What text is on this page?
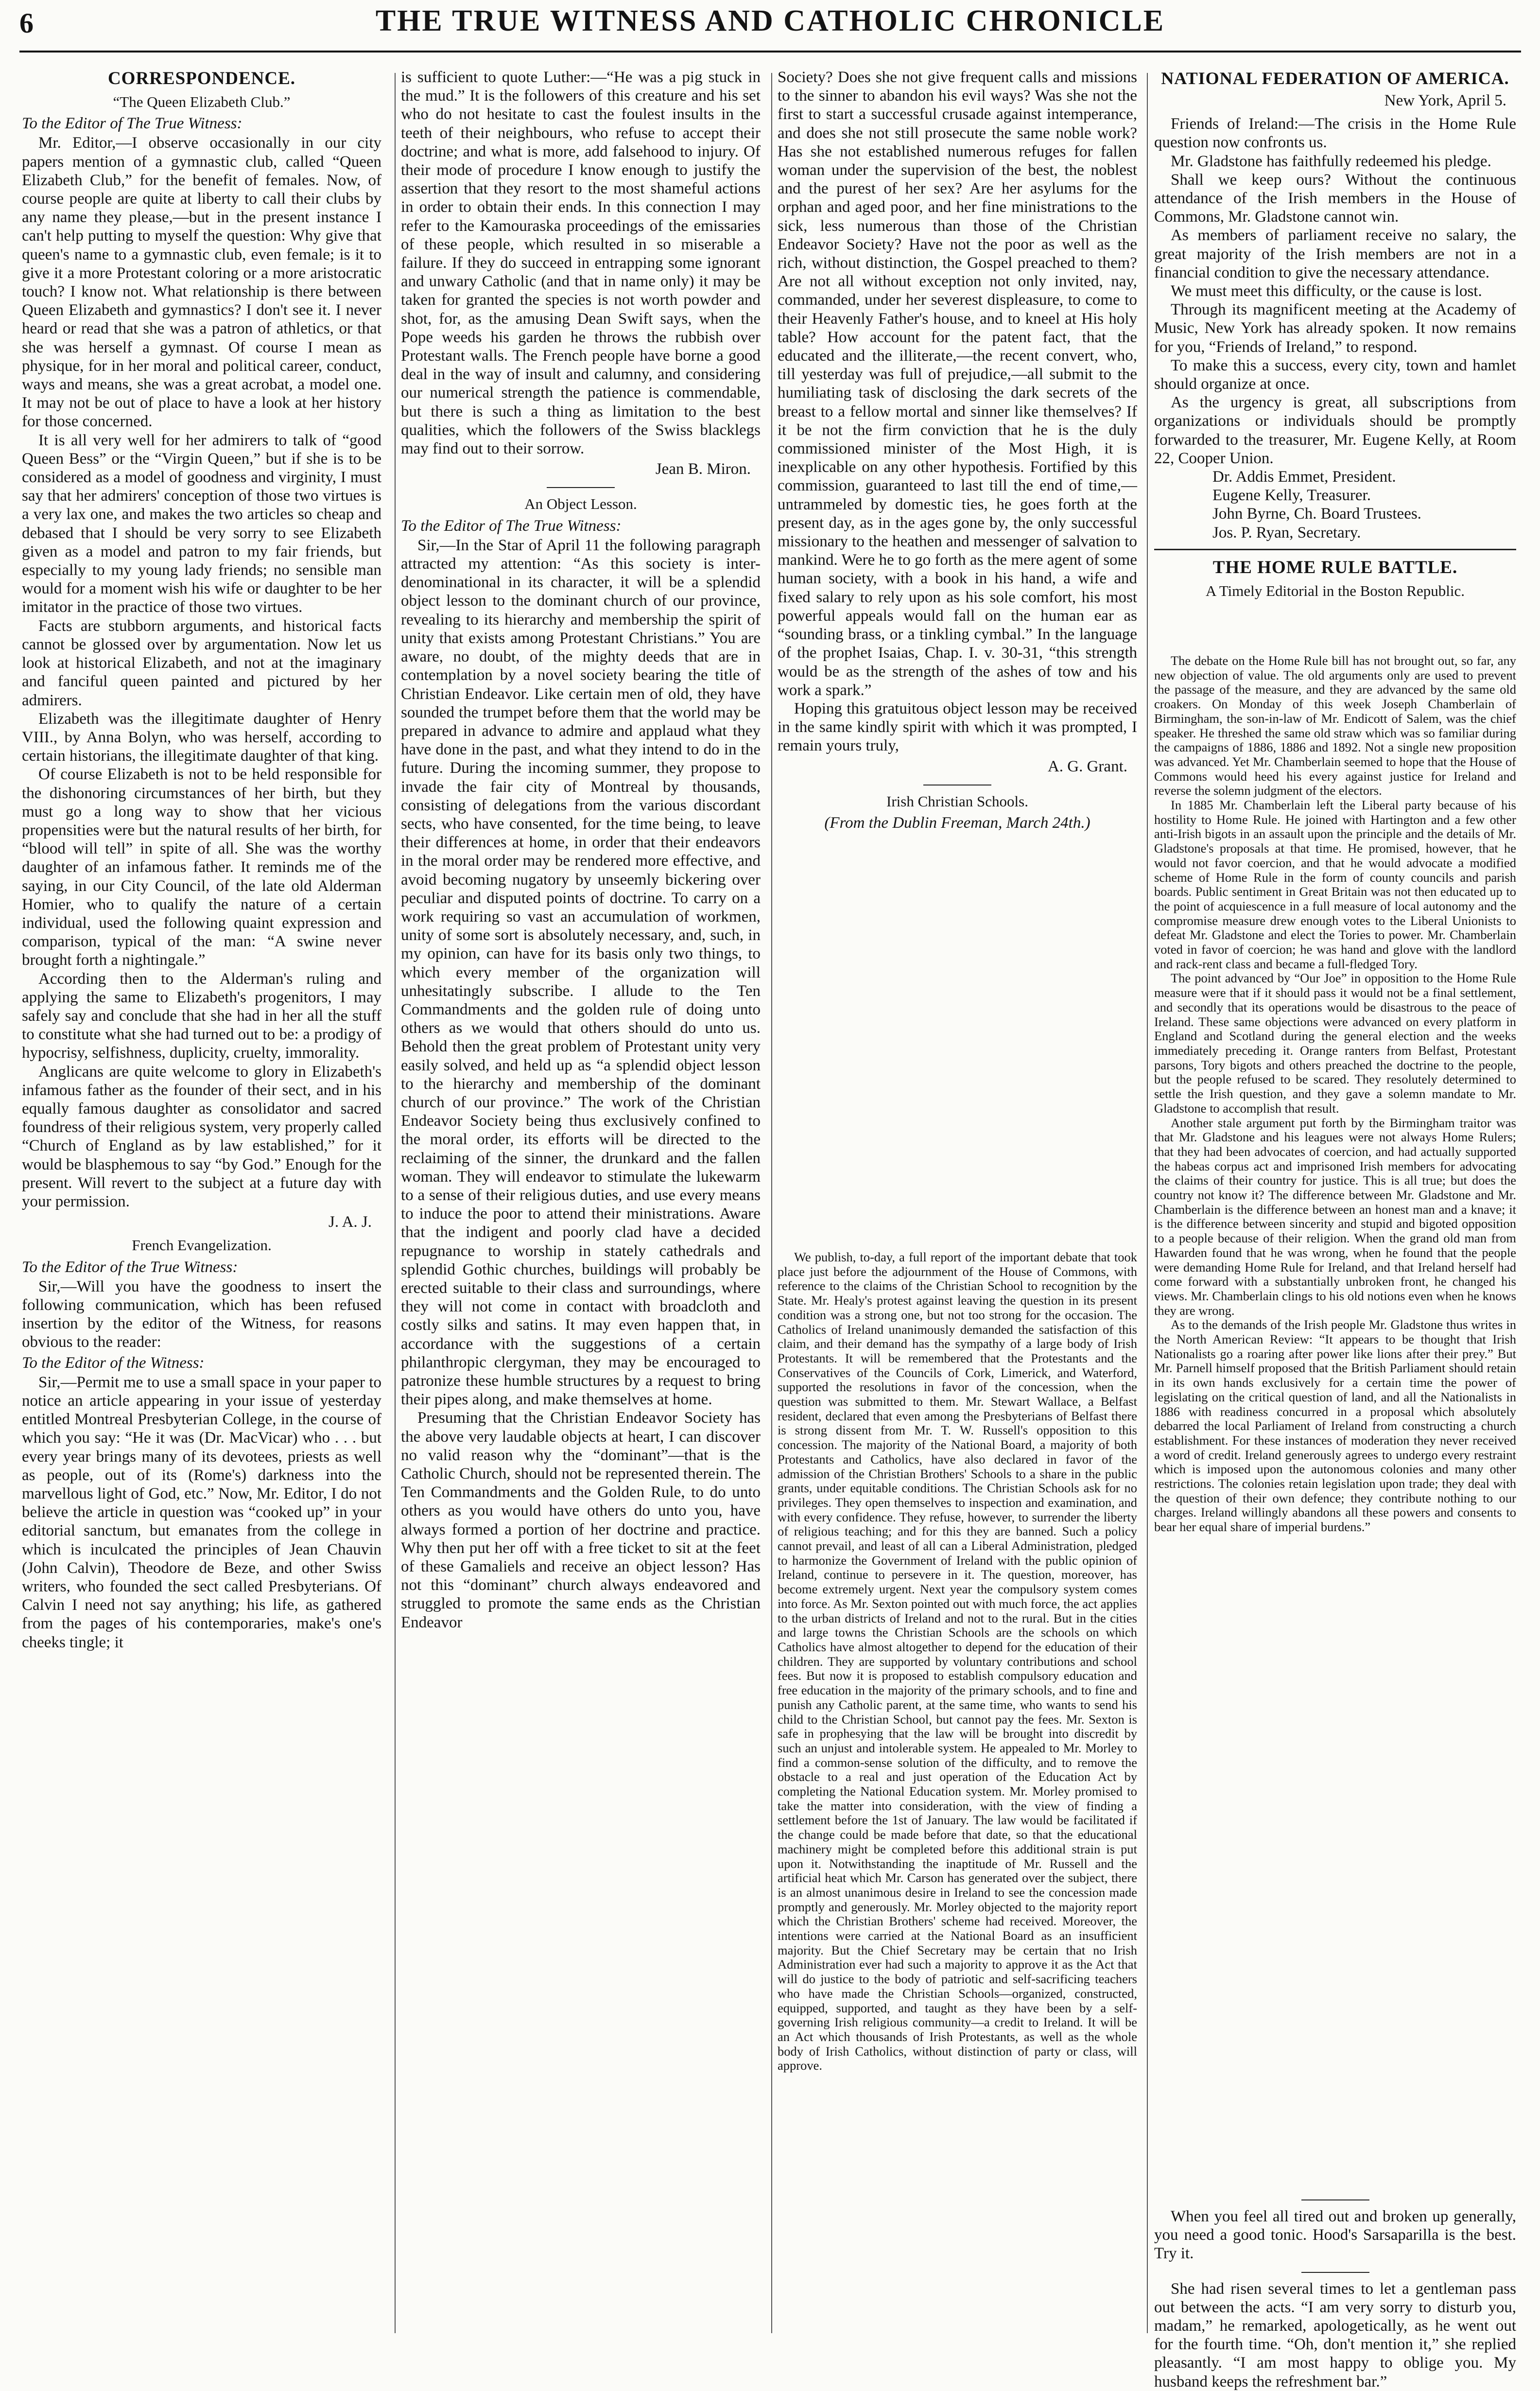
6	THE TRUE WITNESS AND CATHOLIC CHRONICLE
CORRESPONDENCE.
“The Queen Elizabeth Club.”
To the Editor of The True Witness:

Mr. Editor,—I observe occasionally in our city papers mention of a gymnastic club, called “Queen Elizabeth Club,” for the benefit of females. Now, of course people are quite at liberty to call their clubs by any name they please,—but in the present instance I can't help putting to myself the question: Why give that queen's name to a gymnastic club, even female; is it to give it a more Protestant coloring or a more aristocratic touch? I know not. What relationship is there between Queen Elizabeth and gymnastics? I don't see it. I never heard or read that she was a patron of athletics, or that she was herself a gymnast. Of course I mean as physique, for in her moral and political career, conduct, ways and means, she was a great acrobat, a model one. It may not be out of place to have a look at her history for those concerned.

It is all very well for her admirers to talk of “good Queen Bess” or the “Virgin Queen,” but if she is to be considered as a model of goodness and virginity, I must say that her admirers' conception of those two virtues is a very lax one, and makes the two articles so cheap and debased that I should be very sorry to see Elizabeth given as a model and patron to my fair friends, but especially to my young lady friends; no sensible man would for a moment wish his wife or daughter to be her imitator in the practice of those two virtues.

Facts are stubborn arguments, and historical facts cannot be glossed over by argumentation. Now let us look at historical Elizabeth, and not at the imaginary and fanciful queen painted and pictured by her admirers.

Elizabeth was the illegitimate daughter of Henry VIII., by Anna Bolyn, who was herself, according to certain historians, the illegitimate daughter of that king.

Of course Elizabeth is not to be held responsible for the dishonoring circumstances of her birth, but they must go a long way to show that her vicious propensities were but the natural results of her birth, for “blood will tell” in spite of all. She was the worthy daughter of an infamous father. It reminds me of the saying, in our City Council, of the late old Alderman Homier, who to qualify the nature of a certain individual, used the following quaint expression and comparison, typical of the man: “A swine never brought forth a nightingale.”

According then to the Alderman's ruling and applying the same to Elizabeth's progenitors, I may safely say and conclude that she had in her all the stuff to constitute what she had turned out to be: a prodigy of hypocrisy, selfishness, duplicity, cruelty, immorality.

Anglicans are quite welcome to glory in Elizabeth's infamous father as the founder of their sect, and in his equally famous daughter as consolidator and sacred foundress of their religious system, very properly called “Church of England as by law established,” for it would be blasphemous to say “by God.” Enough for the present. Will revert to the subject at a future day with your permission.

J. A. J.
French Evangelization.
To the Editor of the True Witness:

Sir,—Will you have the goodness to insert the following communication, which has been refused insertion by the editor of the Witness, for reasons obvious to the reader:

To the Editor of the Witness:

Sir,—Permit me to use a small space in your paper to notice an article appearing in your issue of yesterday entitled Montreal Presbyterian College, in the course of which you say: “He it was (Dr. MacVicar) who . . . but every year brings many of its devotees, priests as well as people, out of its (Rome's) darkness into the marvellous light of God, etc.” Now, Mr. Editor, I do not believe the article in question was “cooked up” in your editorial sanctum, but emanates from the college in which is inculcated the principles of Jean Chauvin (John Calvin), Theodore de Beze, and other Swiss writers, who founded the sect called Presbyterians. Of Calvin I need not say anything; his life, as gathered from the pages of his contemporaries, make's one's cheeks tingle; it

is sufficient to quote Luther:—“He was a pig stuck in the mud.” It is the followers of this creature and his set who do not hesitate to cast the foulest insults in the teeth of their neighbours, who refuse to accept their doctrine; and what is more, add falsehood to injury. Of their mode of procedure I know enough to justify the assertion that they resort to the most shameful actions in order to obtain their ends. In this connection I may refer to the Kamouraska proceedings of the emissaries of these people, which resulted in so miserable a failure. If they do succeed in entrapping some ignorant and unwary Catholic (and that in name only) it may be taken for granted the species is not worth powder and shot, for, as the amusing Dean Swift says, when the Pope weeds his garden he throws the rubbish over Protestant walls. The French people have borne a good deal in the way of insult and calumny, and considering our numerical strength the patience is commendable, but there is such a thing as limitation to the best qualities, which the followers of the Swiss blacklegs may find out to their sorrow.

Jean B. Miron.
An Object Lesson.
To the Editor of The True Witness:

Sir,—In the Star of April 11 the following paragraph attracted my attention: “As this society is inter-denominational in its character, it will be a splendid object lesson to the dominant church of our province, revealing to its hierarchy and membership the spirit of unity that exists among Protestant Christians.” You are aware, no doubt, of the mighty deeds that are in contemplation by a novel society bearing the title of Christian Endeavor. Like certain men of old, they have sounded the trumpet before them that the world may be prepared in advance to admire and applaud what they have done in the past, and what they intend to do in the future. During the incoming summer, they propose to invade the fair city of Montreal by thousands, consisting of delegations from the various discordant sects, who have consented, for the time being, to leave their differences at home, in order that their endeavors in the moral order may be rendered more effective, and avoid becoming nugatory by unseemly bickering over peculiar and disputed points of doctrine. To carry on a work requiring so vast an accumulation of workmen, unity of some sort is absolutely necessary, and, such, in my opinion, can have for its basis only two things, to which every member of the organization will unhesitatingly subscribe. I allude to the Ten Commandments and the golden rule of doing unto others as we would that others should do unto us. Behold then the great problem of Protestant unity very easily solved, and held up as “a splendid object lesson to the hierarchy and membership of the dominant church of our province.” The work of the Christian Endeavor Society being thus exclusively confined to the moral order, its efforts will be directed to the reclaiming of the sinner, the drunkard and the fallen woman. They will endeavor to stimulate the lukewarm to a sense of their religious duties, and use every means to induce the poor to attend their ministrations. Aware that the indigent and poorly clad have a decided repugnance to worship in stately cathedrals and splendid Gothic churches, buildings will probably be erected suitable to their class and surroundings, where they will not come in contact with broadcloth and costly silks and satins. It may even happen that, in accordance with the suggestions of a certain philanthropic clergyman, they may be encouraged to patronize these humble structures by a request to bring their pipes along, and make themselves at home.

Presuming that the Christian Endeavor Society has the above very laudable objects at heart, I can discover no valid reason why the “dominant”—that is the Catholic Church, should not be represented therein. The Ten Commandments and the Golden Rule, to do unto others as you would have others do unto you, have always formed a portion of her doctrine and practice. Why then put her off with a free ticket to sit at the feet of these Gamaliels and receive an object lesson? Has not this “dominant” church always endeavored and struggled to promote the same ends as the Christian Endeavor

Society? Does she not give frequent calls and missions to the sinner to abandon his evil ways? Was she not the first to start a successful crusade against intemperance, and does she not still prosecute the same noble work? Has she not established numerous refuges for fallen woman under the supervision of the best, the noblest and the purest of her sex? Are her asylums for the orphan and aged poor, and her fine ministrations to the sick, less numerous than those of the Christian Endeavor Society? Have not the poor as well as the rich, without distinction, the Gospel preached to them? Are not all without exception not only invited, nay, commanded, under her severest displeasure, to come to their Heavenly Father's house, and to kneel at His holy table? How account for the patent fact, that the educated and the illiterate,—the recent convert, who, till yesterday was full of prejudice,—all submit to the humiliating task of disclosing the dark secrets of the breast to a fellow mortal and sinner like themselves? If it be not the firm conviction that he is the duly commissioned minister of the Most High, it is inexplicable on any other hypothesis. Fortified by this commission, guaranteed to last till the end of time,—untrammeled by domestic ties, he goes forth at the present day, as in the ages gone by, the only successful missionary to the heathen and messenger of salvation to mankind. Were he to go forth as the mere agent of some human society, with a book in his hand, a wife and fixed salary to rely upon as his sole comfort, his most powerful appeals would fall on the human ear as “sounding brass, or a tinkling cymbal.” In the language of the prophet Isaias, Chap. I. v. 30-31, “this strength would be as the strength of the ashes of tow and his work a spark.”

Hoping this gratuitous object lesson may be received in the same kindly spirit with which it was prompted, I remain yours truly,

A. G. Grant.
Irish Christian Schools.
(From the Dublin Freeman, March 24th.)

We publish, to-day, a full report of the important debate that took place just before the adjournment of the House of Commons, with reference to the claims of the Christian School to recognition by the State. Mr. Healy's protest against leaving the question in its present condition was a strong one, but not too strong for the occasion. The Catholics of Ireland unanimously demanded the satisfaction of this claim, and their demand has the sympathy of a large body of Irish Protestants. It will be remembered that the Protestants and the Conservatives of the Councils of Cork, Limerick, and Waterford, supported the resolutions in favor of the concession, when the question was submitted to them. Mr. Stewart Wallace, a Belfast resident, declared that even among the Presbyterians of Belfast there is strong dissent from Mr. T. W. Russell's opposition to this concession. The majority of the National Board, a majority of both Protestants and Catholics, have also declared in favor of the admission of the Christian Brothers' Schools to a share in the public grants, under equitable conditions. The Christian Schools ask for no privileges. They open themselves to inspection and examination, and with every confidence. They refuse, however, to surrender the liberty of religious teaching; and for this they are banned. Such a policy cannot prevail, and least of all can a Liberal Administration, pledged to harmonize the Government of Ireland with the public opinion of Ireland, continue to persevere in it. The question, moreover, has become extremely urgent. Next year the compulsory system comes into force. As Mr. Sexton pointed out with much force, the act applies to the urban districts of Ireland and not to the rural. But in the cities and large towns the Christian Schools are the schools on which Catholics have almost altogether to depend for the education of their children. They are supported by voluntary contributions and school fees. But now it is proposed to establish compulsory education and free education in the majority of the primary schools, and to fine and punish any Catholic parent, at the same time, who wants to send his child to the Christian School, but cannot pay the fees. Mr. Sexton is safe in prophesying that the law will be brought into discredit by such an unjust and intolerable system. He appealed to Mr. Morley to find a common-sense solution of the difficulty, and to remove the obstacle to a real and just operation of the Education Act by completing the National Education system. Mr. Morley promised to take the matter into consideration, with the view of finding a settlement before the 1st of January. The law would be facilitated if the change could be made before that date, so that the educational machinery might be completed before this additional strain is put upon it. Notwithstanding the inaptitude of Mr. Russell and the artificial heat which Mr. Carson has generated over the subject, there is an almost unanimous desire in Ireland to see the concession made promptly and generously. Mr. Morley objected to the majority report which the Christian Brothers' scheme had received. Moreover, the intentions were carried at the National Board as an insufficient majority. But the Chief Secretary may be certain that no Irish Administration ever had such a majority to approve it as the Act that will do justice to the body of patriotic and self-sacrificing teachers who have made the Christian Schools—organized, constructed, equipped, supported, and taught as they have been by a self-governing Irish religious community—a credit to Ireland. It will be an Act which thousands of Irish Protestants, as well as the whole body of Irish Catholics, without distinction of party or class, will approve.

NATIONAL FEDERATION OF AMERICA.
New York, April 5.

Friends of Ireland:—The crisis in the Home Rule question now confronts us.

Mr. Gladstone has faithfully redeemed his pledge.

Shall we keep ours? Without the continuous attendance of the Irish members in the House of Commons, Mr. Gladstone cannot win.

As members of parliament receive no salary, the great majority of the Irish members are not in a financial condition to give the necessary attendance.

We must meet this difficulty, or the cause is lost.

Through its magnificent meeting at the Academy of Music, New York has already spoken. It now remains for you, “Friends of Ireland,” to respond.

To make this a success, every city, town and hamlet should organize at once.

As the urgency is great, all subscriptions from organizations or individuals should be promptly forwarded to the treasurer, Mr. Eugene Kelly, at Room 22, Cooper Union.

Dr. Addis Emmet, President.
Eugene Kelly, Treasurer.
John Byrne, Ch. Board Trustees.
Jos. P. Ryan, Secretary.
THE HOME RULE BATTLE.
A Timely Editorial in the Boston Republic.

The debate on the Home Rule bill has not brought out, so far, any new objection of value. The old arguments only are used to prevent the passage of the measure, and they are advanced by the same old croakers. On Monday of this week Joseph Chamberlain of Birmingham, the son-in-law of Mr. Endicott of Salem, was the chief speaker. He threshed the same old straw which was so familiar during the campaigns of 1886, 1886 and 1892. Not a single new proposition was advanced. Yet Mr. Chamberlain seemed to hope that the House of Commons would heed his every against justice for Ireland and reverse the solemn judgment of the electors.

In 1885 Mr. Chamberlain left the Liberal party because of his hostility to Home Rule. He joined with Hartington and a few other anti-Irish bigots in an assault upon the principle and the details of Mr. Gladstone's proposals at that time. He promised, however, that he would not favor coercion, and that he would advocate a modified scheme of Home Rule in the form of county councils and parish boards. Public sentiment in Great Britain was not then educated up to the point of acquiescence in a full measure of local autonomy and the compromise measure drew enough votes to the Liberal Unionists to defeat Mr. Gladstone and elect the Tories to power. Mr. Chamberlain voted in favor of coercion; he was hand and glove with the landlord and rack-rent class and became a full-fledged Tory.

The point advanced by “Our Joe” in opposition to the Home Rule measure were that if it should pass it would not be a final settlement, and secondly that its operations would be disastrous to the peace of Ireland. These same objections were advanced on every platform in England and Scotland during the general election and the weeks immediately preceding it. Orange ranters from Belfast, Protestant parsons, Tory bigots and others preached the doctrine to the people, but the people refused to be scared. They resolutely determined to settle the Irish question, and they gave a solemn mandate to Mr. Gladstone to accomplish that result.

Another stale argument put forth by the Birmingham traitor was that Mr. Gladstone and his leagues were not always Home Rulers; that they had been advocates of coercion, and had actually supported the habeas corpus act and imprisoned Irish members for advocating the claims of their country for justice. This is all true; but does the country not know it? The difference between Mr. Gladstone and Mr. Chamberlain is the difference between an honest man and a knave; it is the difference between sincerity and stupid and bigoted opposition to a people because of their religion. When the grand old man from Hawarden found that he was wrong, when he found that the people were demanding Home Rule for Ireland, and that Ireland herself had come forward with a substantially unbroken front, he changed his views. Mr. Chamberlain clings to his old notions even when he knows they are wrong.

As to the demands of the Irish people Mr. Gladstone thus writes in the North American Review: “It appears to be thought that Irish Nationalists go a roaring after power like lions after their prey.” But Mr. Parnell himself proposed that the British Parliament should retain in its own hands exclusively for a certain time the power of legislating on the critical question of land, and all the Nationalists in 1886 with readiness concurred in a proposal which absolutely debarred the local Parliament of Ireland from constructing a church establishment. For these instances of moderation they never received a word of credit. Ireland generously agrees to undergo every restraint which is imposed upon the autonomous colonies and many other restrictions. The colonies retain legislation upon trade; they deal with the question of their own defence; they contribute nothing to our charges. Ireland willingly abandons all these powers and consents to bear her equal share of imperial burdens.”

When you feel all tired out and broken up generally, you need a good tonic. Hood's Sarsaparilla is the best. Try it.

She had risen several times to let a gentleman pass out between the acts. “I am very sorry to disturb you, madam,” he remarked, apologetically, as he went out for the fourth time. “Oh, don't mention it,” she replied pleasantly. “I am most happy to oblige you. My husband keeps the refreshment bar.”
